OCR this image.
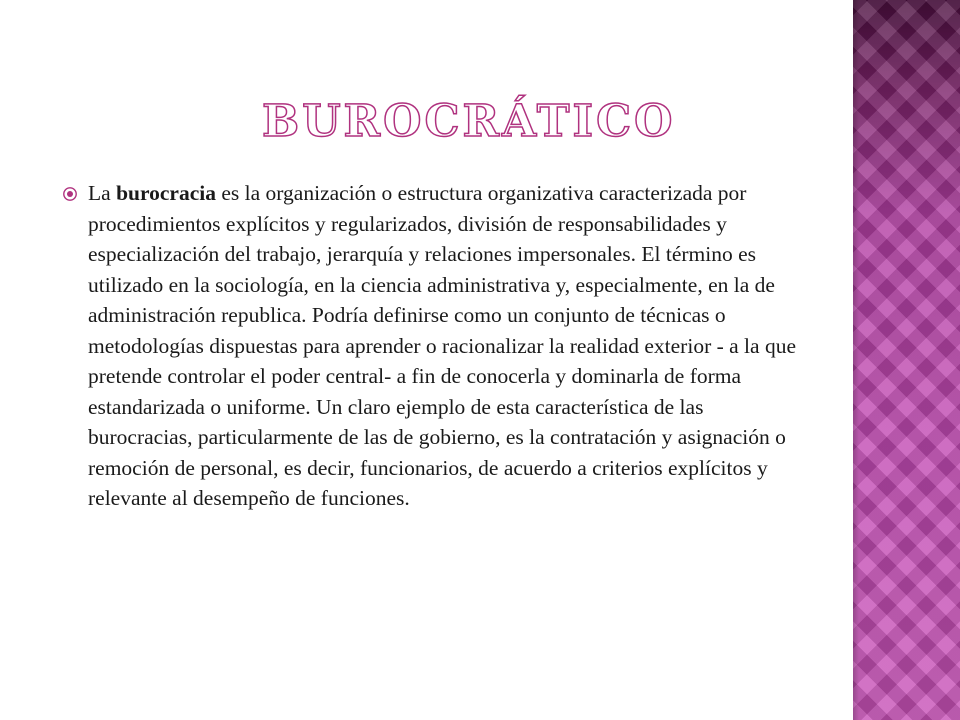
BUROCRÁTICO

La burocracia es la organización o estructura organizativa caracterizada por procedimientos explícitos y regularizados, división de responsabilidades y especialización del trabajo, jerarquía y relaciones impersonales. El término es utilizado en la sociología, en la ciencia administrativa y, especialmente, en la de administración republica. Podría definirse como un conjunto de técnicas o metodologías dispuestas para aprender o racionalizar la realidad exterior - a la que pretende controlar el poder central- a fin de conocerla y dominarla de forma estandarizada o uniforme. Un claro ejemplo de esta característica de las burocracias, particularmente de las de gobierno, es la contratación y asignación o remoción de personal, es decir, funcionarios, de acuerdo a criterios explícitos y relevante al desempeño de funciones.
